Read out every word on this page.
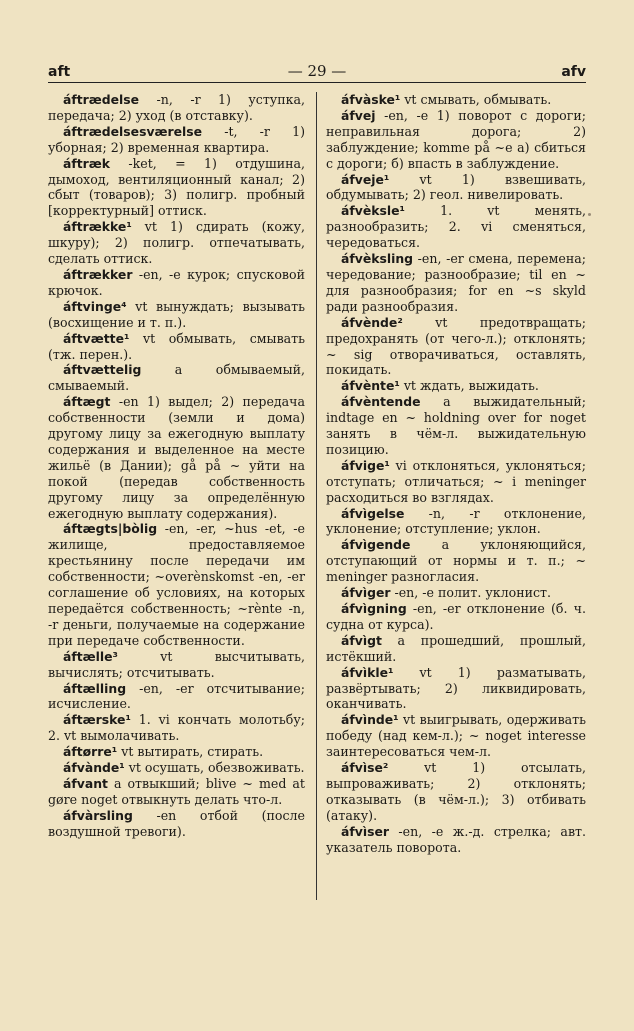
aft	— 29 —	afv

áftrædelse -n, -r 1) уступка, передача; 2) уход (в отставку).

áftrædelsesværelse -t, -r 1) уборная; 2) временная квартира.

áftræk -ket, = 1) отдушина, дымоход, вентиляционный канал; 2) сбыт (товаров); 3) полигр. пробный [корректурный] оттиск.

áftrække¹ vt 1) сдирать (кожу, шкуру); 2) полигр. отпечатывать, сделать оттиск.

áftrækker -en, -e курок; спусковой крючок.

áftvinge⁴ vt вынуждать; вызывать (восхищение и т. п.).

áftvætte¹ vt обмывать, смывать (тж. перен.).

áftvættelig a обмываемый, смываемый.

áftægt -en 1) выдел; 2) передача собственности (земли и дома) другому лицу за ежегодную выплату содержания и выделенное на месте жильё (в Дании); gå på ~ уйти на покой (передав собственность другому лицу за определённую ежегодную выплату содержания).

áftægts|bòlig -en, -er, ~hus -et, -e жилище, предоставляемое крестьянину после передачи им собственности; ~overènskomst -en, -er соглашение об условиях, на которых передаётся собственность; ~rènte -n, -r деньги, получаемые на содержание при передаче собственности.

áftælle³ vt высчитывать, вычислять; отсчитывать.

áftælling -en, -er отсчитывание; исчисление.

áftærske¹ 1. vi кончать молотьбу; 2. vt вымолачивать.

áftørre¹ vt вытирать, стирать.

áfvànde¹ vt осушать, обезвоживать.

áfvant a отвыкший; blive ~ med at gøre noget отвыкнуть делать что-л.

áfvàrsling -en отбой (после воздушной тревоги).

áfvàske¹ vt смывать, обмывать.

áfvej -en, -e 1) поворот с дороги; неправильная дорога; 2) заблуждение; komme på ~e a) сбиться с дороги; б) впасть в заблуждение.

áfveje¹ vt 1) взвешивать, обдумывать; 2) геол. нивелировать.

áfvèksle¹ 1. vt менять, разнообразить; 2. vi сменяться, чередоваться.

áfvèksling -en, -er смена, перемена; чередование; разнообразие; til en ~ для разнообразия; for en ~s skyld ради разнообразия.

áfvènde² vt предотвращать; предохранять (от чего-л.); отклонять; ~ sig отворачиваться, оставлять, покидать.

áfvènte¹ vt ждать, выжидать.

áfvèntende a выжидательный; indtage en ~ holdning over for noget занять в чём-л. выжидательную позицию.

áfvige¹ vi отклоняться, уклоняться; отступать; отличаться; ~ i meninger расходиться во взглядах.

áfvìgelse -n, -r отклонение, уклонение; отступление; уклон.

áfvìgende a уклоняющийся, отступающий от нормы и т. п.; ~ meninger разногласия.

áfvìger -en, -e полит. уклонист.

áfvìgning -en, -er отклонение (б. ч. судна от курса).

áfvìgt a прошедший, прошлый, истёкший.

áfvìkle¹ vt 1) разматывать, развёртывать; 2) ликвидировать, оканчивать.

áfvìnde¹ vt выигрывать, одерживать победу (над кем-л.); ~ noget interesse заинтересоваться чем-л.

áfvìse² vt 1) отсылать, выпроваживать; 2) отклонять; отказывать (в чём-л.); 3) отбивать (атаку).

áfvìser -en, -e ж.-д. стрелка; авт. указатель поворота.
